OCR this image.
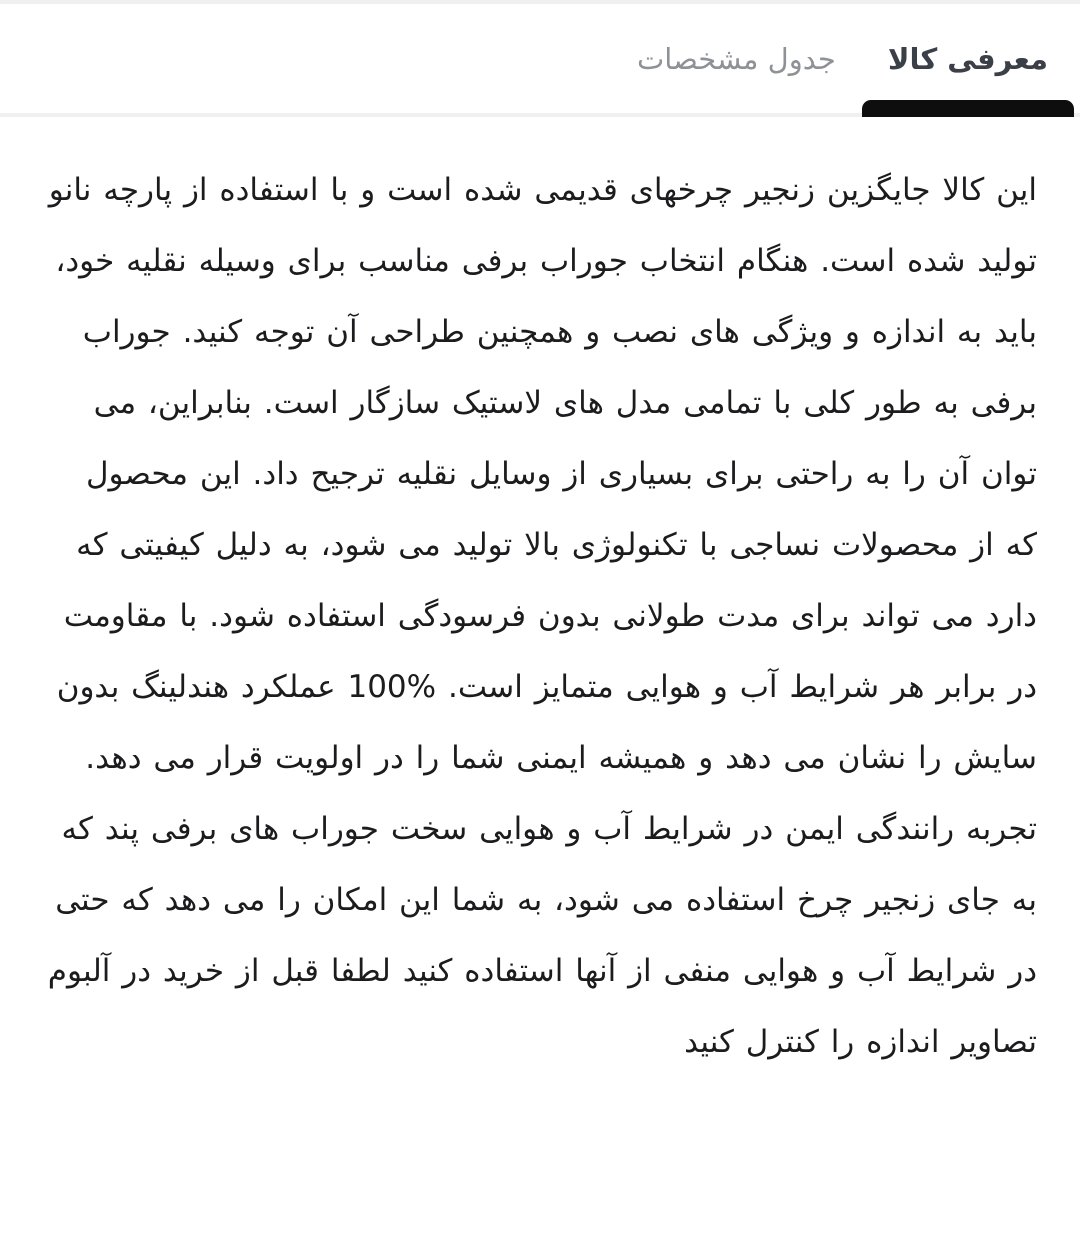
معرفی کالا
جدول مشخصات

این کالا جایگزین زنجیر چرخهای قدیمی شده است و با استفاده از پارچه نانو تولید شده است. هنگام انتخاب جوراب برفی مناسب برای وسیله نقلیه خود، باید به اندازه و ویژگی های نصب و همچنین طراحی آن توجه کنید. جوراب برفی به طور کلی با تمامی مدل های لاستیک سازگار است. بنابراین، می توان آن را به راحتی برای بسیاری از وسایل نقلیه ترجیح داد. این محصول که از محصولات نساجی با تکنولوژی بالا تولید می شود، به دلیل کیفیتی که دارد می تواند برای مدت طولانی بدون فرسودگی استفاده شود. با مقاومت در برابر هر شرایط آب و هوایی متمایز است. %100 عملکرد هندلینگ بدون سایش را نشان می دهد و همیشه ایمنی شما را در اولویت قرار می دهد. تجربه رانندگی ایمن در شرایط آب و هوایی سخت جوراب های برفی پند که به جای زنجیر چرخ استفاده می شود، به شما این امکان را می دهد که حتی در شرایط آب و هوایی منفی از آنها استفاده کنید لطفا قبل از خرید در آلبوم تصاویر اندازه را کنترل کنید
